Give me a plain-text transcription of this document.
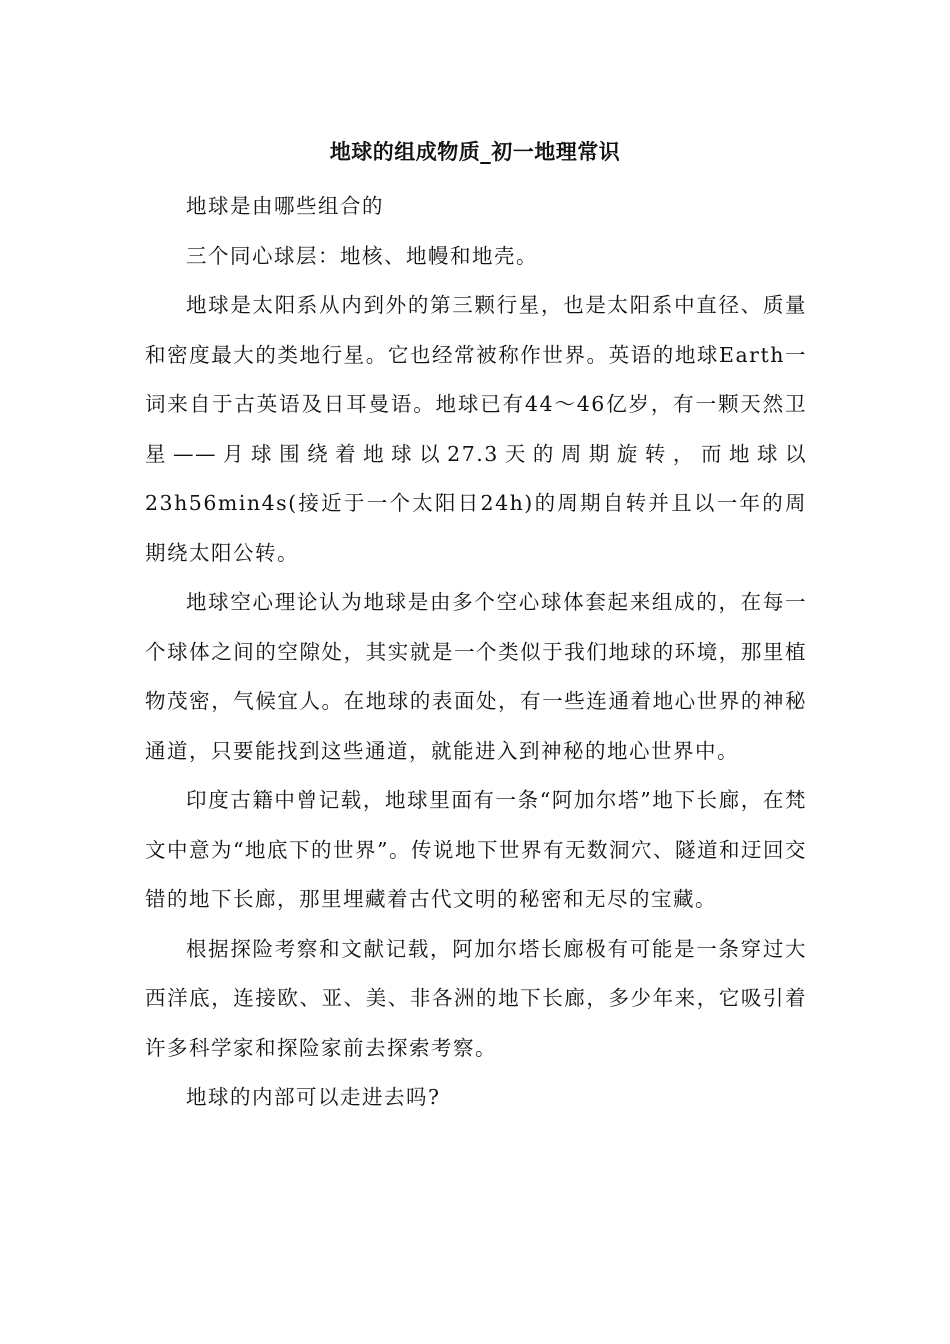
地球的组成物质_初一地理常识

地球是由哪些组合的

三个同心球层：地核、地幔和地壳。

地球是太阳系从内到外的第三颗行星，也是太阳系中直径、质量和密度最大的类地行星。它也经常被称作世界。英语的地球Earth一词来自于古英语及日耳曼语。地球已有44～46亿岁，有一颗天然卫星——月球围绕着地球以27.3天的周期旋转，而地球以23h56min4s(接近于一个太阳日24h)的周期自转并且以一年的周期绕太阳公转。

地球空心理论认为地球是由多个空心球体套起来组成的，在每一个球体之间的空隙处，其实就是一个类似于我们地球的环境，那里植物茂密，气候宜人。在地球的表面处，有一些连通着地心世界的神秘通道，只要能找到这些通道，就能进入到神秘的地心世界中。

印度古籍中曾记载，地球里面有一条“阿加尔塔”地下长廊，在梵文中意为“地底下的世界”。传说地下世界有无数洞穴、隧道和迂回交错的地下长廊，那里埋藏着古代文明的秘密和无尽的宝藏。

根据探险考察和文献记载，阿加尔塔长廊极有可能是一条穿过大西洋底，连接欧、亚、美、非各洲的地下长廊，多少年来，它吸引着许多科学家和探险家前去探索考察。

地球的内部可以走进去吗?
